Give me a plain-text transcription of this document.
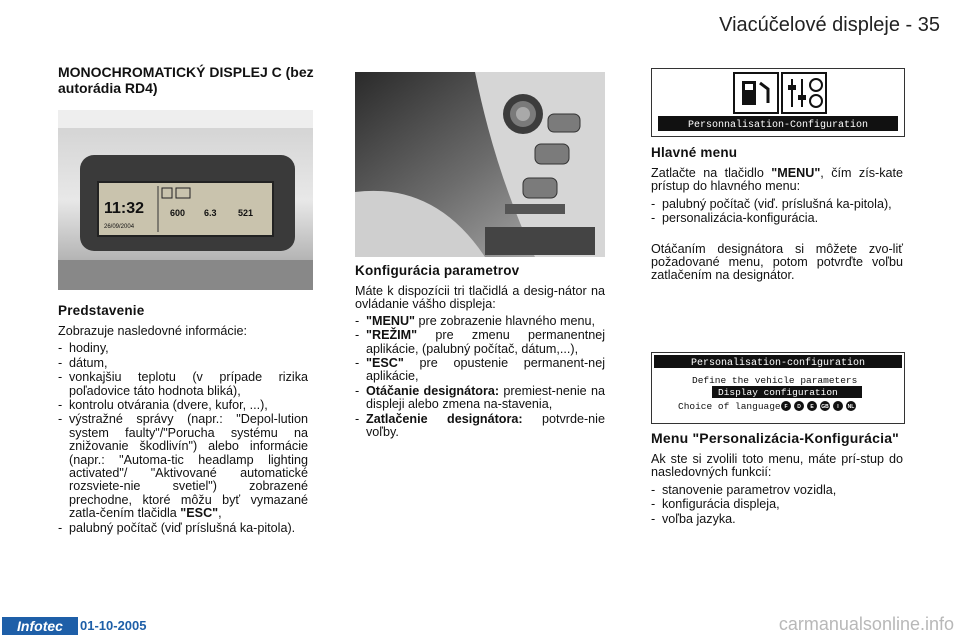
Viacúčelové displeje - 35
MONOCHROMATICKÝ DISPLEJ C (bez autorádia RD4)
11:32
26/09/2004
600 6.3 521
Predstavenie
Zobrazuje nasledovné informácie:
- hodiny,
- dátum,
- vonkajšiu teplotu (v prípade rizika poľadovice táto hodnota bliká),
- kontrolu otvárania (dvere, kufor, ...),
- výstražné správy (napr.: "Depol-lution system faulty"/"Porucha systému na znižovanie škodlivín") alebo informácie (napr.: "Automa-tic headlamp lighting activated"/ "Aktivované automatické rozsviete-nie svetiel") zobrazené prechodne, ktoré môžu byť vymazané zatla-čením tlačidla "ESC",
- palubný počítač (viď príslušná ka-pitola).
Konfigurácia parametrov
Máte k dispozícii tri tlačidlá a desig-nátor na ovládanie vášho displeja:
- "MENU" pre zobrazenie hlavného menu,
- "REŽIM" pre zmenu permanentnej aplikácie, (palubný počítač, dátum,...),
- "ESC" pre opustenie permanent-nej aplikácie,
- Otáčanie designátora: premiest-nenie na displeji alebo zmena na-stavenia,
- Zatlačenie designátora: potvrde-nie voľby.
Personnalisation-Configuration
Hlavné menu
Zatlačte na tlačidlo "MENU", čím zís-kate prístup do hlavného menu:
- palubný počítač (viď. príslušná ka-pitola),
- personalizácia-konfigurácia.
Otáčaním designátora si môžete zvo-liť požadované menu, potom potvrďte voľbu zatlačením na designátor.
Personalisation-configuration
Define the vehicle parameters
Display configuration
Choice of language F D E GB I NL
Menu "Personalizácia-Konfigurácia"
Ak ste si zvolili toto menu, máte prí-stup do nasledovných funkcií:
- stanovenie parametrov vozidla,
- konfigurácia displeja,
- voľba jazyka.
Infotec	01-10-2005	carmanualsonline.info
